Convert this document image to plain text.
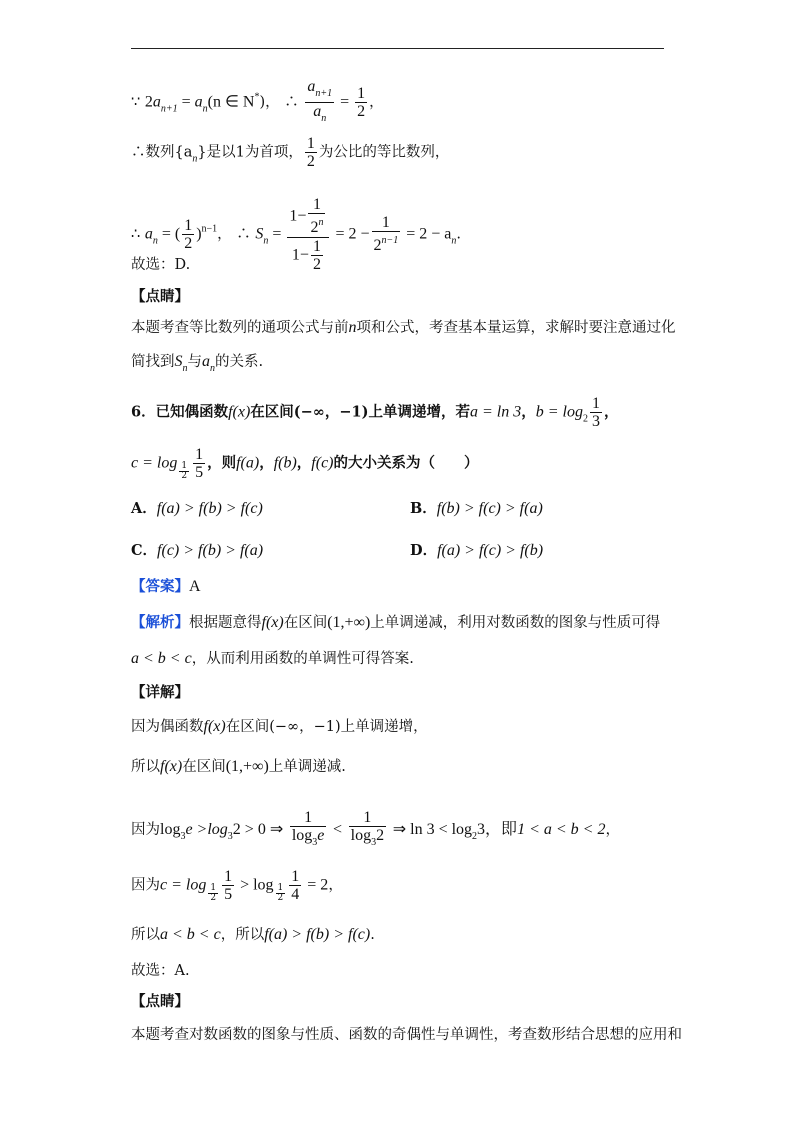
∵ $2a_{n+1} = a_n(n$ ∈ N*)， ∴ $\frac{a_{n+1}}{a_n} = \frac{1}{2}$ ，
∴数列$\{a_n\}$是以1为首项， $\frac{1}{2}$ 为公比的等比数列，
∴ $a_n$ = ( $\frac{1}{2} )^{n-1}$， ∴ $S_n = \frac{1- \frac{1}{2^n}}{1- \frac{1}{2}} = 2 - \frac{1}{2^{n-1}} = 2 - a_n$.
故选：D.
【点睛】
本题考查等比数列的通项公式与前n项和公式，考查基本量运算，求解时要注意通过化
简找到$S_n$与$a_n$的关系.
6．已知偶函数f(x)在区间(−∞，−1)上单调递增，若a = ln 3，$b = \log_2 \frac{1}{3}$ ，
$c = \log \frac{1}{2} \frac{1}{5}$ ，则f(a)，f(b)，f(c)的大小关系为（　　）
A．f(a) > f(b) > f(c)	B．f(b) > f(c) > f(a)
C．f(c) > f(b) > f(a)	D．f(a) > f(c) > f(b)
【答案】A
【解析】根据题意得f(x)在区间(1,+∞)上单调递减，利用对数函数的图象与性质可得
a < b < c，从而利用函数的单调性可得答案.
【详解】
因为偶函数f(x)在区间(−∞，−1)上单调递增，
所以f(x)在区间(1,+∞)上单调递减.
因为$\log_3e >\log_32 > 0$ ⇒ $\frac{1}{\log_3e} < \frac{1}{\log_32}$ ⇒ $\ln 3 < \log_23$，即1 < a < b < 2，
因为$c = \log \frac{1}{2} \frac{1}{5} > \log \frac{1}{2} \frac{1}{4} = 2$，
所以a < b < c，所以f(a) > f(b) > f(c).
故选：A.
【点睛】
本题考查对数函数的图象与性质、函数的奇偶性与单调性，考查数形结合思想的应用和
